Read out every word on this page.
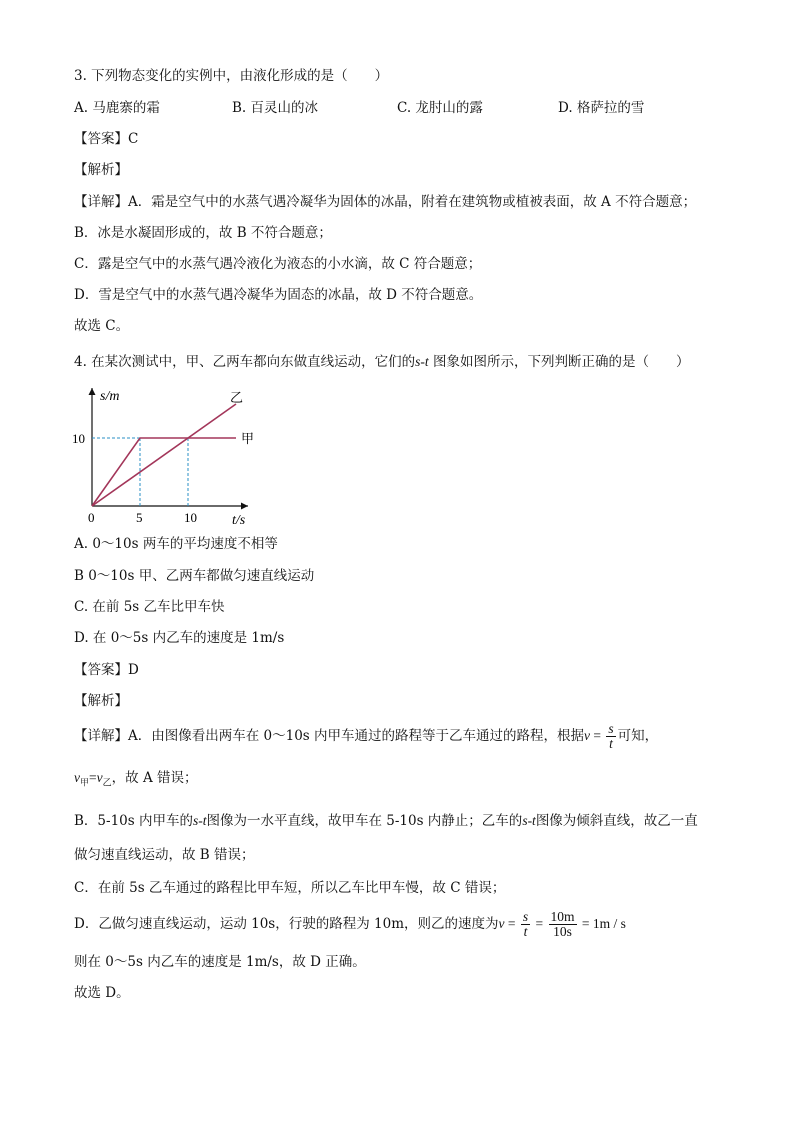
3. 下列物态变化的实例中，由液化形成的是（　　）
A. 马鹿寨的霜	B. 百灵山的冰	C. 龙肘山的露	D. 格萨拉的雪
【答案】C
【解析】
【详解】A．霜是空气中的水蒸气遇冷凝华为固体的冰晶，附着在建筑物或植被表面，故 A 不符合题意；
B．冰是水凝固形成的，故 B 不符合题意；
C．露是空气中的水蒸气遇冷液化为液态的小水滴，故 C 符合题意；
D．雪是空气中的水蒸气遇冷凝华为固态的冰晶，故 D 不符合题意。
故选 C。
4. 在某次测试中，甲、乙两车都向东做直线运动，它们的s-t 图象如图所示，下列判断正确的是（　　）
甲
乙
0	5	10
10
s/m
t/s
A. 0～10s 两车的平均速度不相等
B 0～10s 甲、乙两车都做匀速直线运动
C. 在前 5s 乙车比甲车快
D. 在 0～5s 内乙车的速度是 1m/s
【答案】D
【解析】
【详解】A．由图像看出两车在 0～10s 内甲车通过的路程等于乙车通过的路程，根据$v = \frac{s}{t}$ 可知，
$v_甲=v_乙$，故 A 错误；
B．5-10s 内甲车的s-t图像为一水平直线，故甲车在 5-10s 内静止；乙车的s-t图像为倾斜直线，故乙一直
做匀速直线运动，故 B 错误；
C．在前 5s 乙车通过的路程比甲车短，所以乙车比甲车慢，故 C 错误；
D．乙做匀速直线运动，运动 10s，行驶的路程为 10m，则乙的速度为$v = \frac{s}{t} = \frac{10m}{10s} = 1m / s$
则在 0～5s 内乙车的速度是 1m/s，故 D 正确。
故选 D。
